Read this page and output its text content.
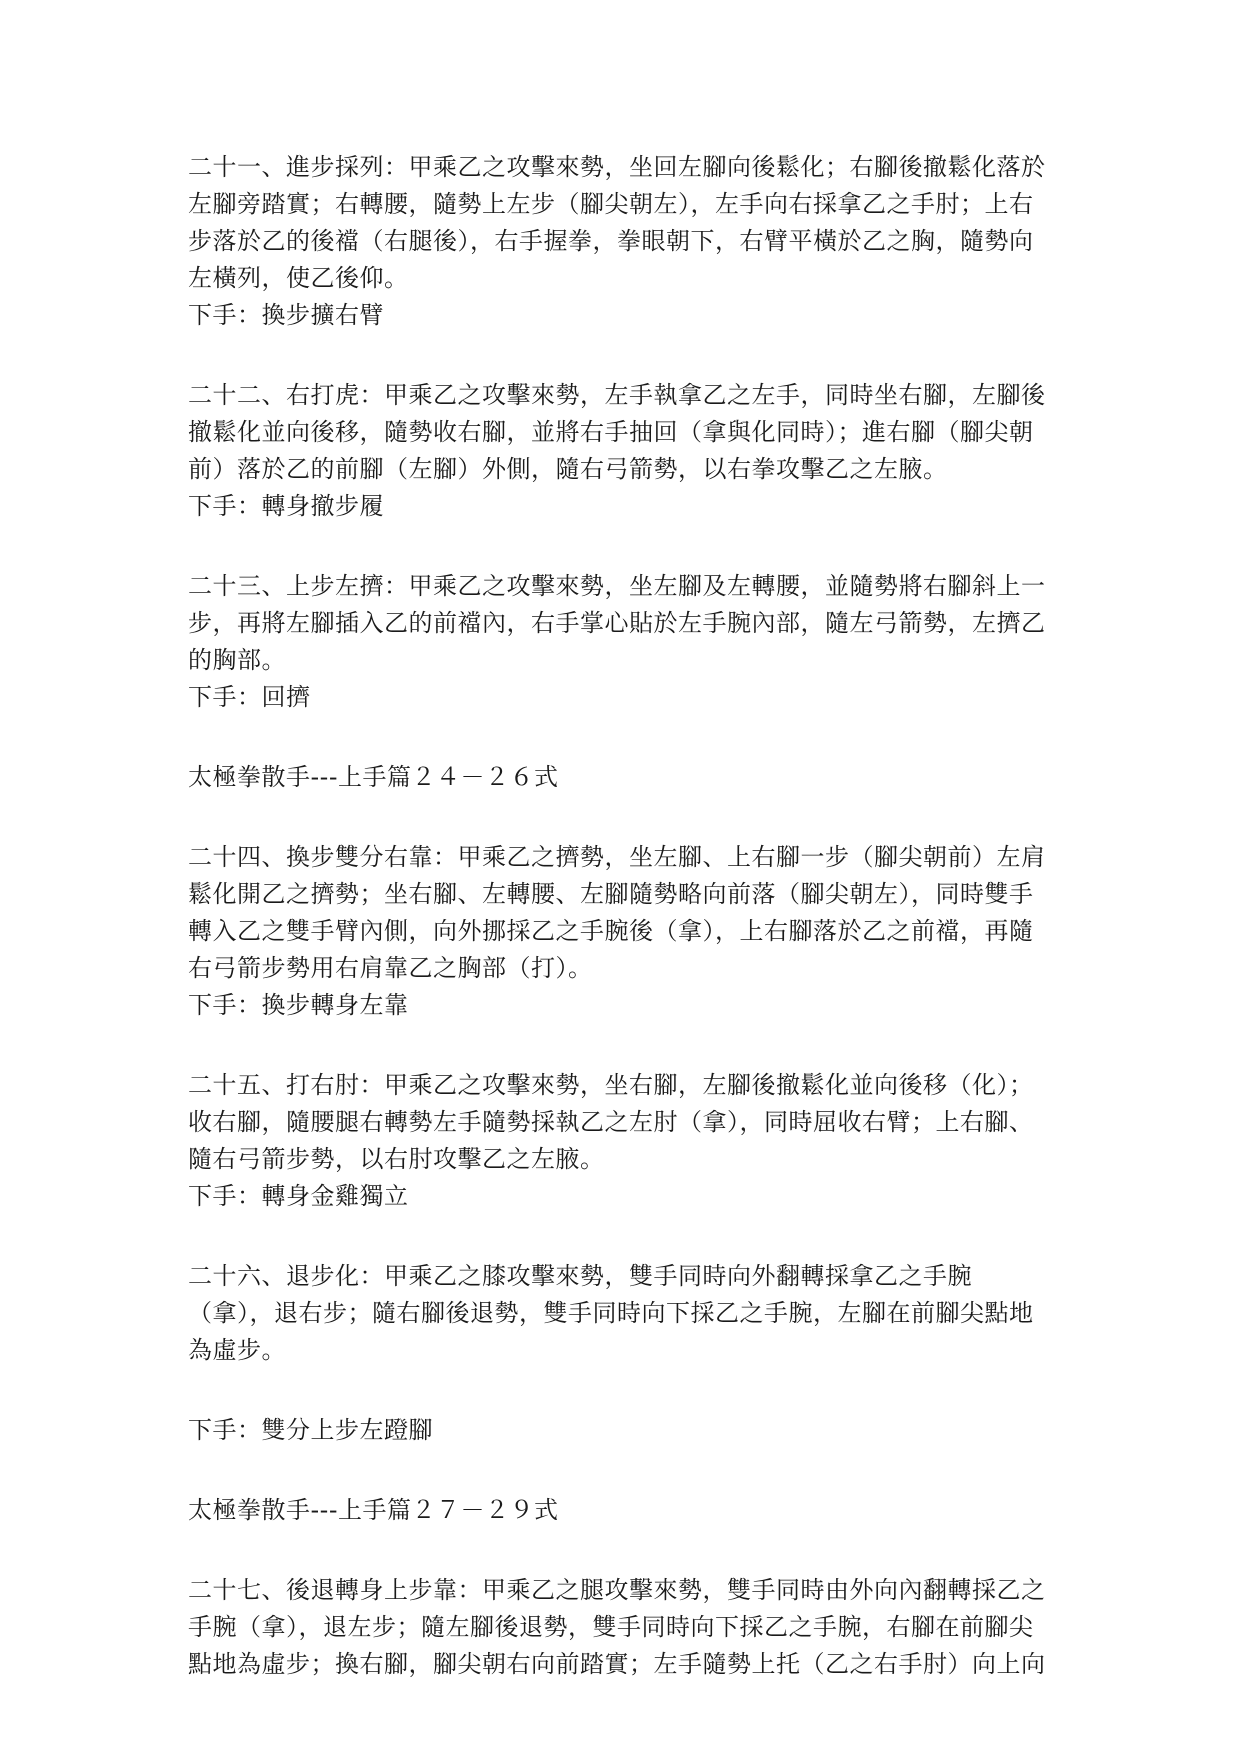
二十一、進步採列：甲乘乙之攻擊來勢，坐回左腳向後鬆化；右腳後撤鬆化落於
左腳旁踏實；右轉腰，隨勢上左步（腳尖朝左），左手向右採拿乙之手肘；上右
步落於乙的後襠（右腿後），右手握拳，拳眼朝下，右臂平橫於乙之胸，隨勢向
左橫列，使乙後仰。
下手：換步擴右臂
二十二、右打虎：甲乘乙之攻擊來勢，左手執拿乙之左手，同時坐右腳，左腳後
撤鬆化並向後移，隨勢收右腳，並將右手抽回（拿與化同時）；進右腳（腳尖朝
前）落於乙的前腳（左腳）外側，隨右弓箭勢，以右拳攻擊乙之左腋。
下手：轉身撤步履
二十三、上步左擠：甲乘乙之攻擊來勢，坐左腳及左轉腰，並隨勢將右腳斜上一
步，再將左腳插入乙的前襠內，右手掌心貼於左手腕內部，隨左弓箭勢，左擠乙
的胸部。
下手：回擠
太極拳散手---上手篇２４－２６式
二十四、換步雙分右靠：甲乘乙之擠勢，坐左腳、上右腳一步（腳尖朝前）左肩
鬆化開乙之擠勢；坐右腳、左轉腰、左腳隨勢略向前落（腳尖朝左），同時雙手
轉入乙之雙手臂內側，向外挪採乙之手腕後（拿），上右腳落於乙之前襠，再隨
右弓箭步勢用右肩靠乙之胸部（打）。
下手：換步轉身左靠
二十五、打右肘：甲乘乙之攻擊來勢，坐右腳，左腳後撤鬆化並向後移（化）；
收右腳，隨腰腿右轉勢左手隨勢採執乙之左肘（拿），同時屈收右臂；上右腳、
隨右弓箭步勢，以右肘攻擊乙之左腋。
下手：轉身金雞獨立
二十六、退步化：甲乘乙之膝攻擊來勢，雙手同時向外翻轉採拿乙之手腕
（拿），退右步；隨右腳後退勢，雙手同時向下採乙之手腕，左腳在前腳尖點地
為虛步。
下手：雙分上步左蹬腳
太極拳散手---上手篇２７－２９式
二十七、後退轉身上步靠：甲乘乙之腿攻擊來勢，雙手同時由外向內翻轉採乙之
手腕（拿），退左步；隨左腳後退勢，雙手同時向下採乙之手腕，右腳在前腳尖
點地為虛步；換右腳，腳尖朝右向前踏實；左手隨勢上托（乙之右手肘）向上向
